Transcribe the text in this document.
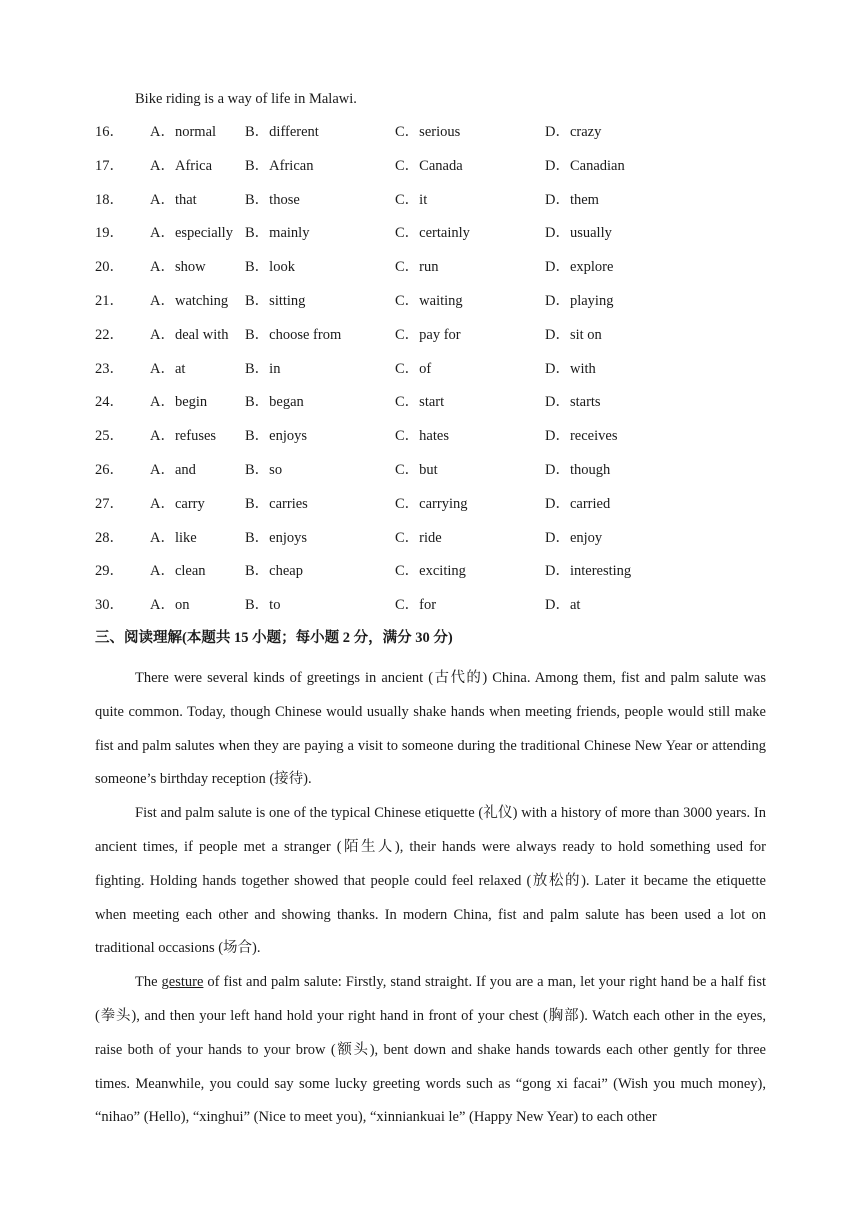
Bike riding is a way of life in Malawi.
16． A．normal B．different	C．serious	D．crazy
17． A．Africa B．African	C．Canada	D．Canadian
18． A．that	B．those	C．it	D．them
19． A．especially B．mainly	C．certainly	D．usually
20． A．show	B．look	C．run	D．explore
21． A．watching B．sitting	C．waiting	D．playing
22． A．deal with B．choose from	C．pay for	D．sit on
23． A．at	B．in	C．of	D．with
24． A．begin	B．began	C．start	D．starts
25． A．refuses B．enjoys	C．hates	D．receives
26． A．and	B．so	C．but	D．though
27． A．carry	B．carries	C．carrying	D．carried
28． A．like	B．enjoys	C．ride	D．enjoy
29． A．clean	B．cheap	C．exciting	D．interesting
30． A．on	B．to	C．for	D．at
三、阅读理解(本题共 15 小题；每小题 2 分，满分 30 分)

There were several kinds of greetings in ancient (古代的) China. Among them, fist and palm salute was quite common. Today, though Chinese would usually shake hands when meeting friends, people would still make fist and palm salutes when they are paying a visit to someone during the traditional Chinese New Year or attending someone’s birthday reception (接待).

Fist and palm salute is one of the typical Chinese etiquette (礼仪) with a history of more than 3000 years. In ancient times, if people met a stranger (陌生人), their hands were always ready to hold something used for fighting. Holding hands together showed that people could feel relaxed (放松的). Later it became the etiquette when meeting each other and showing thanks. In modern China, fist and palm salute has been used a lot on traditional occasions (场合).

The gesture of fist and palm salute: Firstly, stand straight. If you are a man, let your right hand be a half fist (拳头), and then your left hand hold your right hand in front of your chest (胸部). Watch each other in the eyes, raise both of your hands to your brow (额头), bent down and shake hands towards each other gently for three times. Meanwhile, you could say some lucky greeting words such as “gong xi facai” (Wish you much money), “nihao” (Hello), “xinghui” (Nice to meet you), “xinniankuai le” (Happy New Year) to each other
